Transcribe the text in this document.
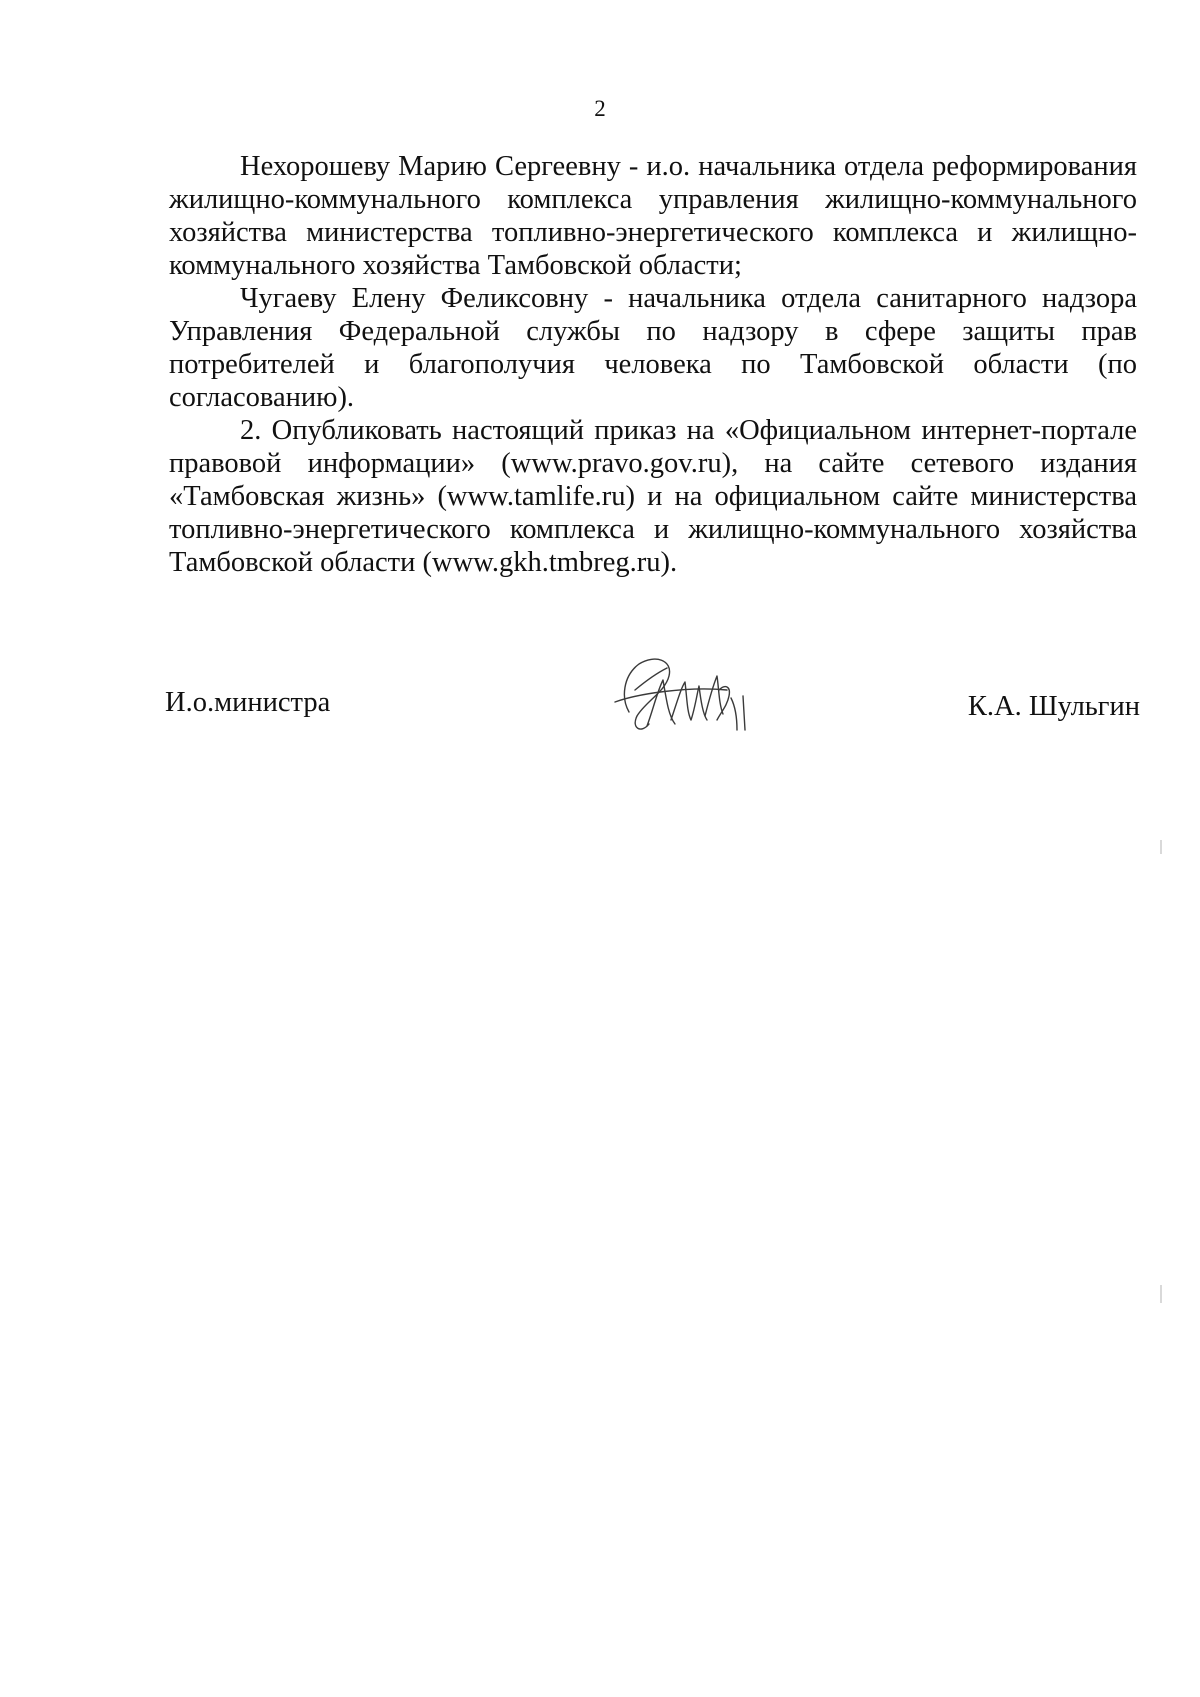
2

Нехорошеву Марию Сергеевну - и.о. начальника отдела реформирования жилищно-коммунального комплекса управления жилищно-коммунального хозяйства министерства топливно-энергетического комплекса и жилищно-коммунального хозяйства Тамбовской области;

Чугаеву Елену Феликсовну - начальника отдела санитарного надзора Управления Федеральной службы по надзору в сфере защиты прав потребителей и благополучия человека по Тамбовской области (по согласованию).

2. Опубликовать настоящий приказ на «Официальном интернет-портале правовой информации» (www.pravo.gov.ru), на сайте сетевого издания «Тамбовская жизнь» (www.tamlife.ru) и на официальном сайте министерства топливно-энергетического комплекса и жилищно-коммунального хозяйства Тамбовской области (www.gkh.tmbreg.ru).

И.о.министра	К.А. Шульгин
